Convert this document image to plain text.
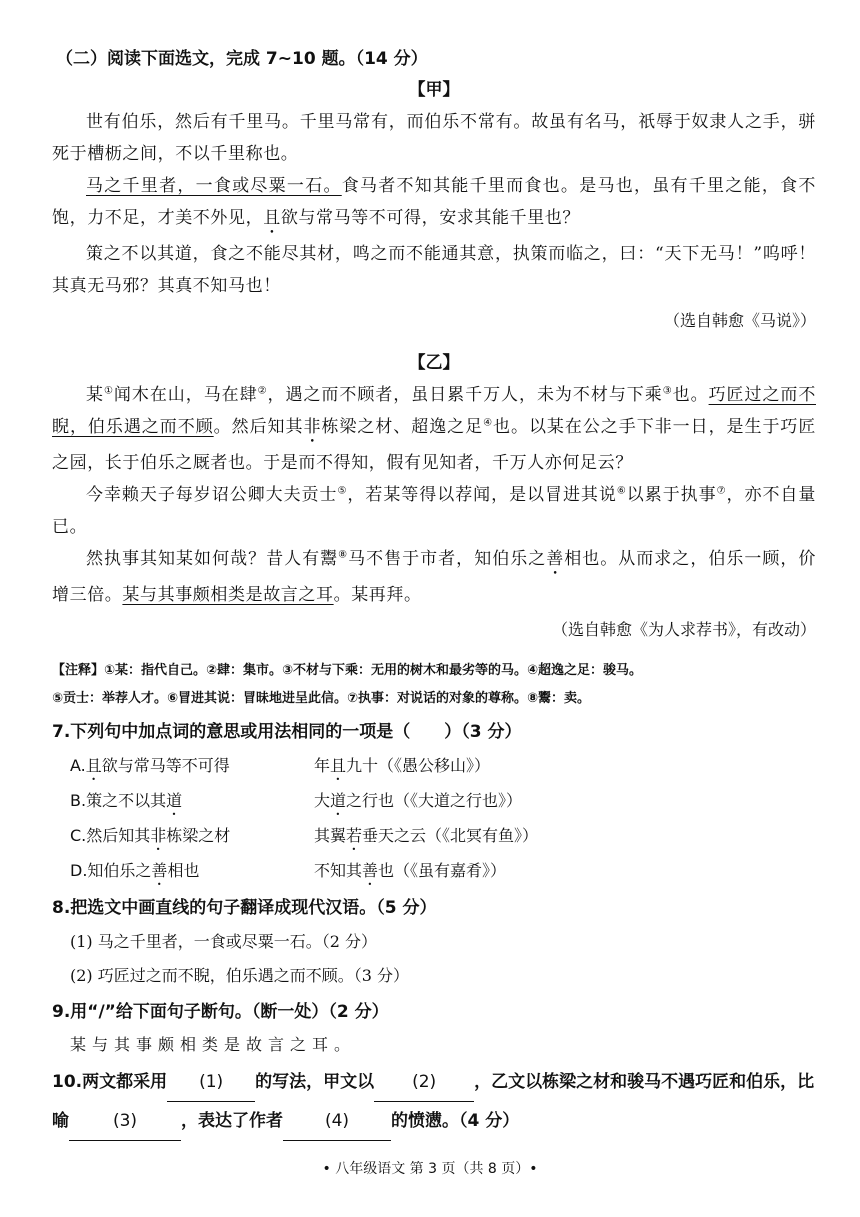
（二）阅读下面选文，完成 7~10 题。（14 分）
【甲】

世有伯乐，然后有千里马。千里马常有，而伯乐不常有。故虽有名马，祇辱于奴隶人之手，骈死于槽枥之间，不以千里称也。

马之千里者，一食或尽粟一石。食马者不知其能千里而食也。是马也，虽有千里之能，食不饱，力不足，才美不外见，且欲与常马等不可得，安求其能千里也？

策之不以其道，食之不能尽其材，鸣之而不能通其意，执策而临之，曰：“天下无马！”呜呼！其真无马邪？其真不知马也！

（选自韩愈《马说》）
【乙】

某①闻木在山，马在肆②，遇之而不顾者，虽日累千万人，未为不材与下乘③也。巧匠过之而不睨，伯乐遇之而不顾。然后知其非栋梁之材、超逸之足④也。以某在公之手下非一日，是生于巧匠之园，长于伯乐之厩者也。于是而不得知，假有见知者，千万人亦何足云？

今幸赖天子每岁诏公卿大夫贡士⑤，若某等得以荐闻，是以冒进其说⑥以累于执事⑦，亦不自量已。

然执事其知某如何哉？昔人有鬻⑧马不售于市者，知伯乐之善相也。从而求之，伯乐一顾，价增三倍。某与其事颇相类是故言之耳。某再拜。

（选自韩愈《为人求荐书》，有改动）
【注释】①某：指代自己。②肆：集市。③不材与下乘：无用的树木和最劣等的马。④超逸之足：骏马。
⑤贡士：举荐人才。⑥冒进其说：冒昧地进呈此信。⑦执事：对说话的对象的尊称。⑧鬻：卖。
7.下列句中加点词的意思或用法相同的一项是（　　）（3 分）
A.且欲与常马等不可得	年且九十（《愚公移山》）
B.策之不以其道	大道之行也（《大道之行也》）
C.然后知其非栋梁之材	其翼若垂天之云（《北冥有鱼》）
D.知伯乐之善相也	不知其善也（《虽有嘉肴》）
8.把选文中画直线的句子翻译成现代汉语。（5 分）
(1) 马之千里者，一食或尽粟一石。（2 分）
(2) 巧匠过之而不睨，伯乐遇之而不顾。（3 分）
9.用“/”给下面句子断句。（断一处）（2 分）
某与其事颇相类是故言之耳。
10.两文都采用 (1) 的写法，甲文以 (2) ，乙文以栋梁之材和骏马不遇巧匠和伯乐，比喻	(3)	，表达了作者 (4) 的愤懑。（4 分）
• 八年级语文 第 3 页（共 8 页）•
